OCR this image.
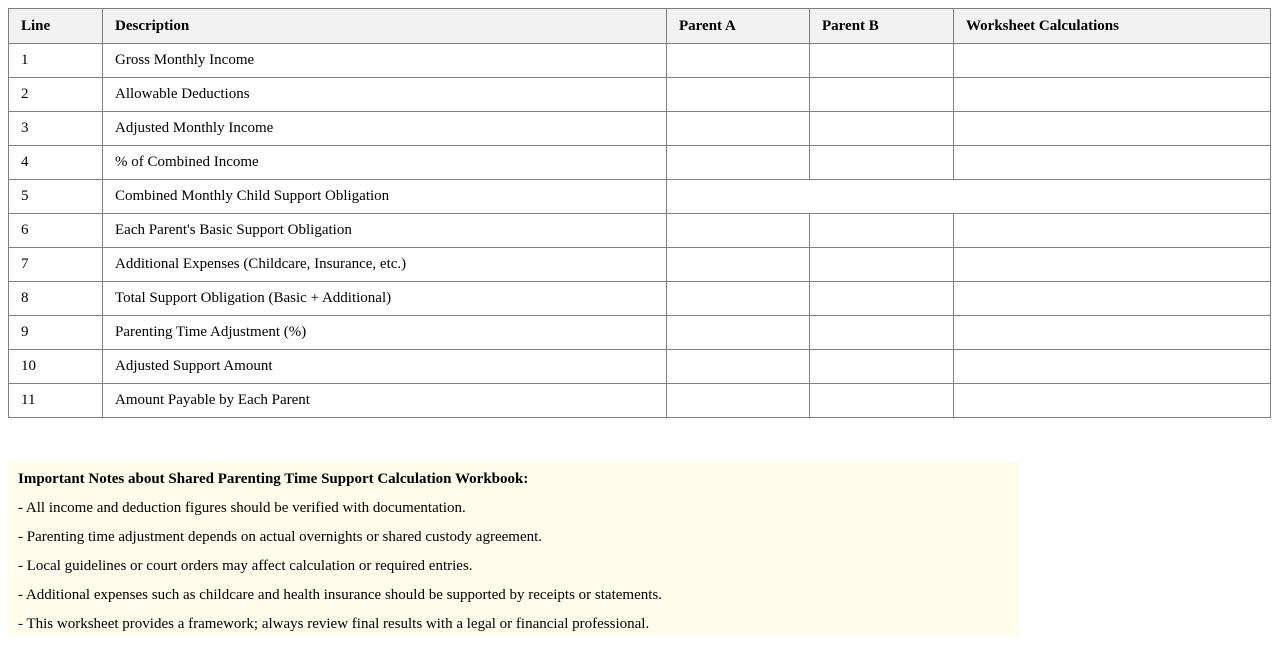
Line	Description	Parent A	Parent B	Worksheet Calculations
1	Gross Monthly Income			
2	Allowable Deductions			
3	Adjusted Monthly Income			
4	% of Combined Income			
5	Combined Monthly Child Support Obligation			
6	Each Parent's Basic Support Obligation			
7	Additional Expenses (Childcare, Insurance, etc.)			
8	Total Support Obligation (Basic + Additional)			
9	Parenting Time Adjustment (%)			
10	Adjusted Support Amount			
11	Amount Payable by Each Parent			

Important Notes about Shared Parenting Time Support Calculation Workbook:

- All income and deduction figures should be verified with documentation.

- Parenting time adjustment depends on actual overnights or shared custody agreement.

- Local guidelines or court orders may affect calculation or required entries.

- Additional expenses such as childcare and health insurance should be supported by receipts or statements.

- This worksheet provides a framework; always review final results with a legal or financial professional.
